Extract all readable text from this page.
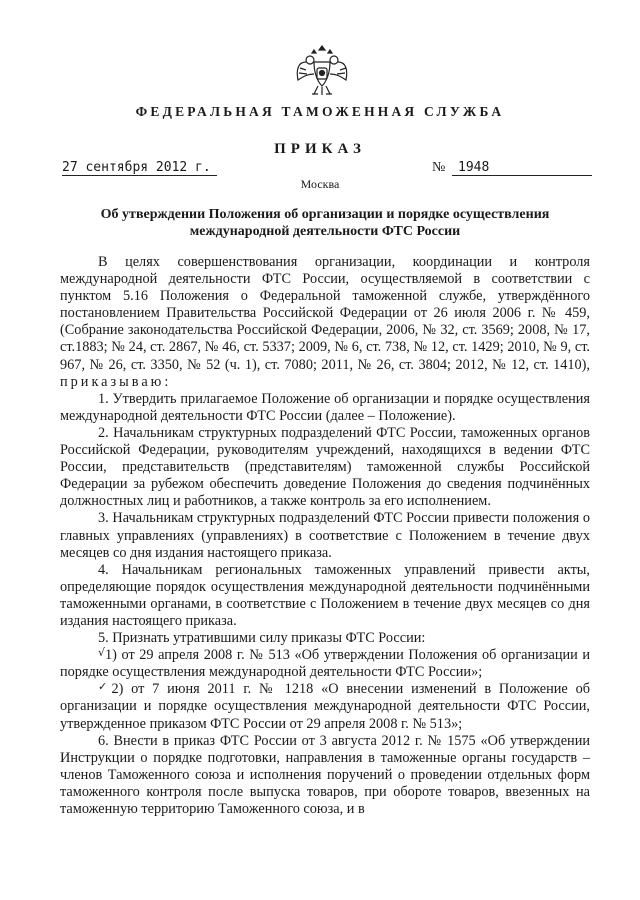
ФЕДЕРАЛЬНАЯ ТАМОЖЕННАЯ СЛУЖБА
ПРИКАЗ
27 сентября 2012 г.	№ 1948
Москва
Об утверждении Положения об организации и порядке осуществления
международной деятельности ФТС России

В целях совершенствования организации, координации и контроля международной деятельности ФТС России, осуществляемой в соответствии с пунктом 5.16 Положения о Федеральной таможенной службе, утверждённого постановлением Правительства Российской Федерации от 26 июля 2006 г. № 459, (Собрание законодательства Российской Федерации, 2006, № 32, ст. 3569; 2008, № 17, ст.1883; № 24, ст. 2867, № 46, ст. 5337; 2009, № 6, ст. 738, № 12, ст. 1429; 2010, № 9, ст. 967, № 26, ст. 3350, № 52 (ч. 1), ст. 7080; 2011, № 26, ст. 3804; 2012, № 12, ст. 1410), приказываю:

1. Утвердить прилагаемое Положение об организации и порядке осуществления международной деятельности ФТС России (далее – Положение).

2. Начальникам структурных подразделений ФТС России, таможенных органов Российской Федерации, руководителям учреждений, находящихся в ведении ФТС России, представительств (представителям) таможенной службы Российской Федерации за рубежом обеспечить доведение Положения до сведения подчинённых должностных лиц и работников, а также контроль за его исполнением.

3. Начальникам структурных подразделений ФТС России привести положения о главных управлениях (управлениях) в соответствие с Положением в течение двух месяцев со дня издания настоящего приказа.

4. Начальникам региональных таможенных управлений привести акты, определяющие порядок осуществления международной деятельности подчинёнными таможенными органами, в соответствие с Положением в течение двух месяцев со дня издания настоящего приказа.

5. Признать утратившими силу приказы ФТС России:

√1) от 29 апреля 2008 г. № 513 «Об утверждении Положения об организации и порядке осуществления международной деятельности ФТС России»;

✓2) от 7 июня 2011 г. № 1218 «О внесении изменений в Положение об организации и порядке осуществления международной деятельности ФТС России, утвержденное приказом ФТС России от 29 апреля 2008 г. № 513»;

6. Внести в приказ ФТС России от 3 августа 2012 г. № 1575 «Об утверждении Инструкции о порядке подготовки, направления в таможенные органы государств – членов Таможенного союза и исполнения поручений о проведении отдельных форм таможенного контроля после выпуска товаров, при обороте товаров, ввезенных на таможенную территорию Таможенного союза, и в
